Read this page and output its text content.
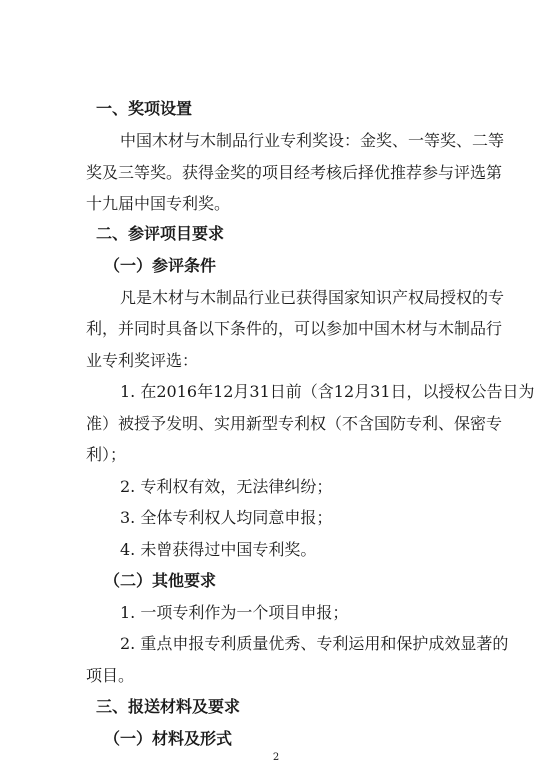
一、奖项设置
中国木材与木制品行业专利奖设：金奖、一等奖、二等
奖及三等奖。获得金奖的项目经考核后择优推荐参与评选第
十九届中国专利奖。
二、参评项目要求
（一）参评条件
凡是木材与木制品行业已获得国家知识产权局授权的专
利，并同时具备以下条件的，可以参加中国木材与木制品行
业专利奖评选：
1. 在2016年12月31日前（含12月31日，以授权公告日为
准）被授予发明、实用新型专利权（不含国防专利、保密专
利）；
2. 专利权有效，无法律纠纷；
3. 全体专利权人均同意申报；
4. 未曾获得过中国专利奖。
（二）其他要求
1. 一项专利作为一个项目申报；
2. 重点申报专利质量优秀、专利运用和保护成效显著的
项目。
三、报送材料及要求
（一）材料及形式
2
